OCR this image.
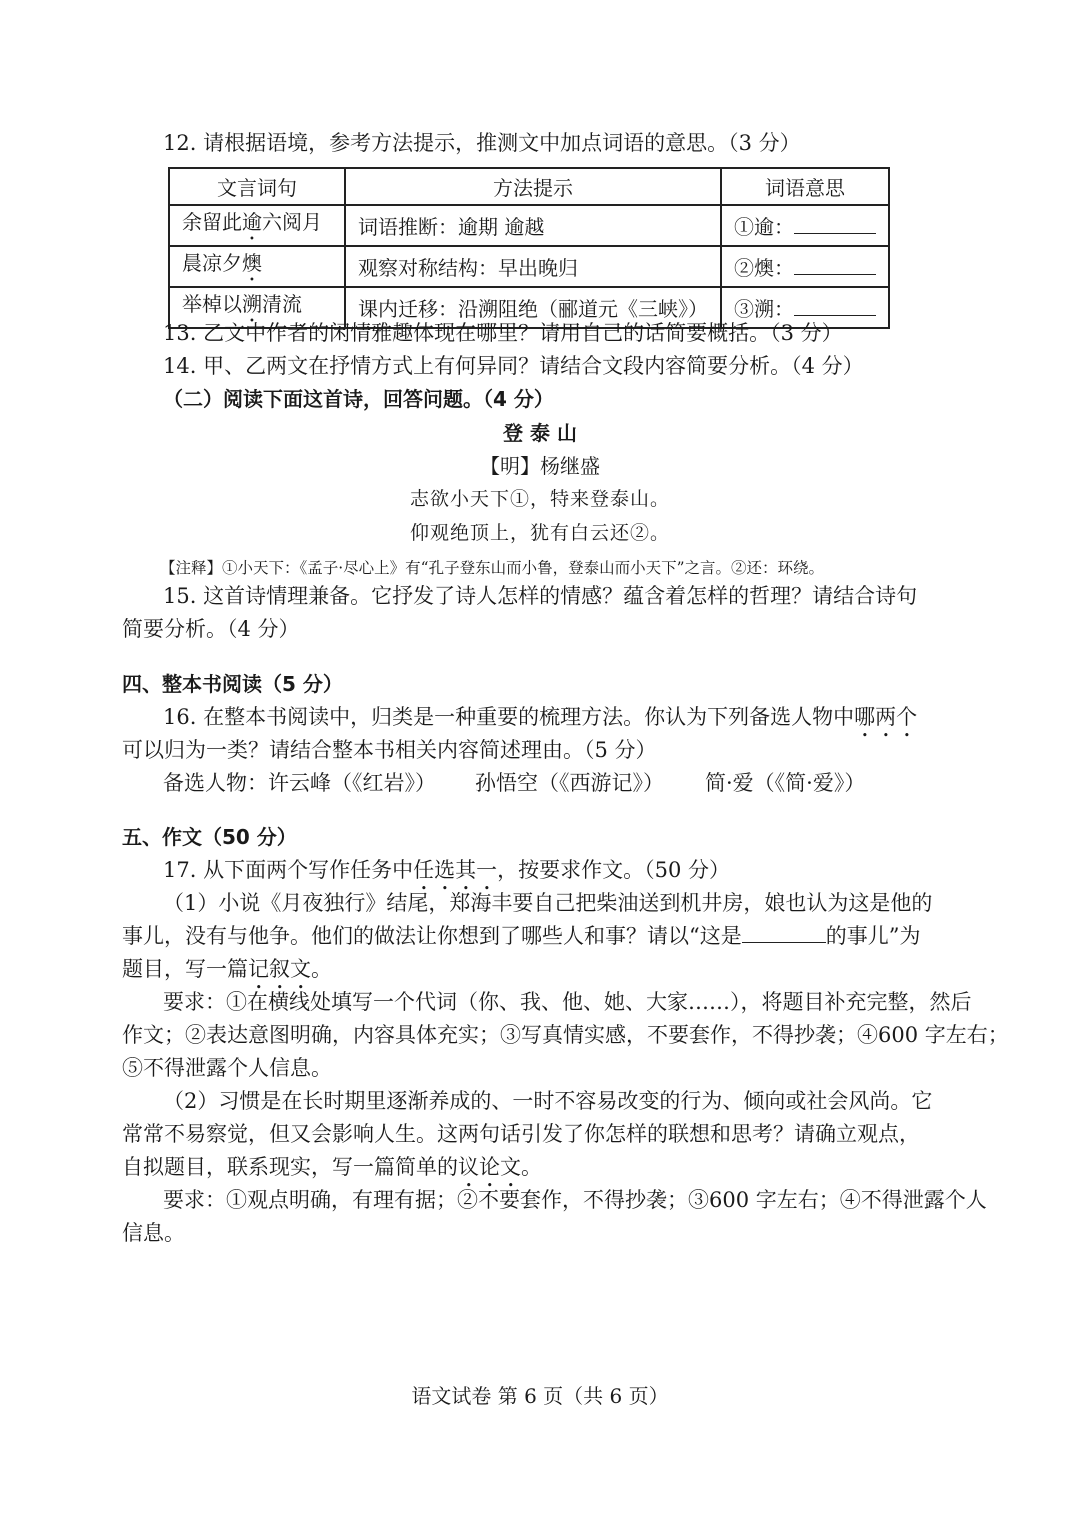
12. 请根据语境，参考方法提示，推测文中加点词语的意思。（3 分）
文言词句	方法提示	词语意思
余留此逾六阅月	词语推断：逾期 逾越	①逾：
晨凉夕燠	观察对称结构：早出晚归	②燠：
举棹以溯清流	课内迁移：沿溯阻绝（郦道元《三峡》）	③溯：
13. 乙文中作者的闲情雅趣体现在哪里？请用自己的话简要概括。（3 分）
14. 甲、乙两文在抒情方式上有何异同？请结合文段内容简要分析。（4 分）
（二）阅读下面这首诗，回答问题。（4 分）
登 泰 山
【明】杨继盛
志欲小天下①，特来登泰山。
仰观绝顶上，犹有白云还②。
【注释】①小天下：《孟子·尽心上》有“孔子登东山而小鲁，登泰山而小天下”之言。②还：环绕。
15. 这首诗情理兼备。它抒发了诗人怎样的情感？蕴含着怎样的哲理？请结合诗句
简要分析。（4 分）
四、整本书阅读（5 分）
16. 在整本书阅读中，归类是一种重要的梳理方法。你认为下列备选人物中哪两个
可以归为一类？请结合整本书相关内容简述理由。（5 分）
备选人物：许云峰（《红岩》） 孙悟空（《西游记》） 简·爱（《简·爱》）
五、作文（50 分）
17. 从下面两个写作任务中任选其一，按要求作文。（50 分）
（1）小说《月夜独行》结尾，郑海丰要自己把柴油送到机井房，娘也认为这是他的
事儿，没有与他争。他们的做法让你想到了哪些人和事？请以“这是	的事儿”为
题目，写一篇记叙文。
要求：①在横线处填写一个代词（你、我、他、她、大家……），将题目补充完整，然后
作文；②表达意图明确，内容具体充实；③写真情实感，不要套作，不得抄袭；④600 字左右；
⑤不得泄露个人信息。
（2）习惯是在长时期里逐渐养成的、一时不容易改变的行为、倾向或社会风尚。它
常常不易察觉，但又会影响人生。这两句话引发了你怎样的联想和思考？请确立观点，
自拟题目，联系现实，写一篇简单的议论文。
要求：①观点明确，有理有据；②不要套作，不得抄袭；③600 字左右；④不得泄露个人
信息。
语文试卷 第 6 页（共 6 页）
